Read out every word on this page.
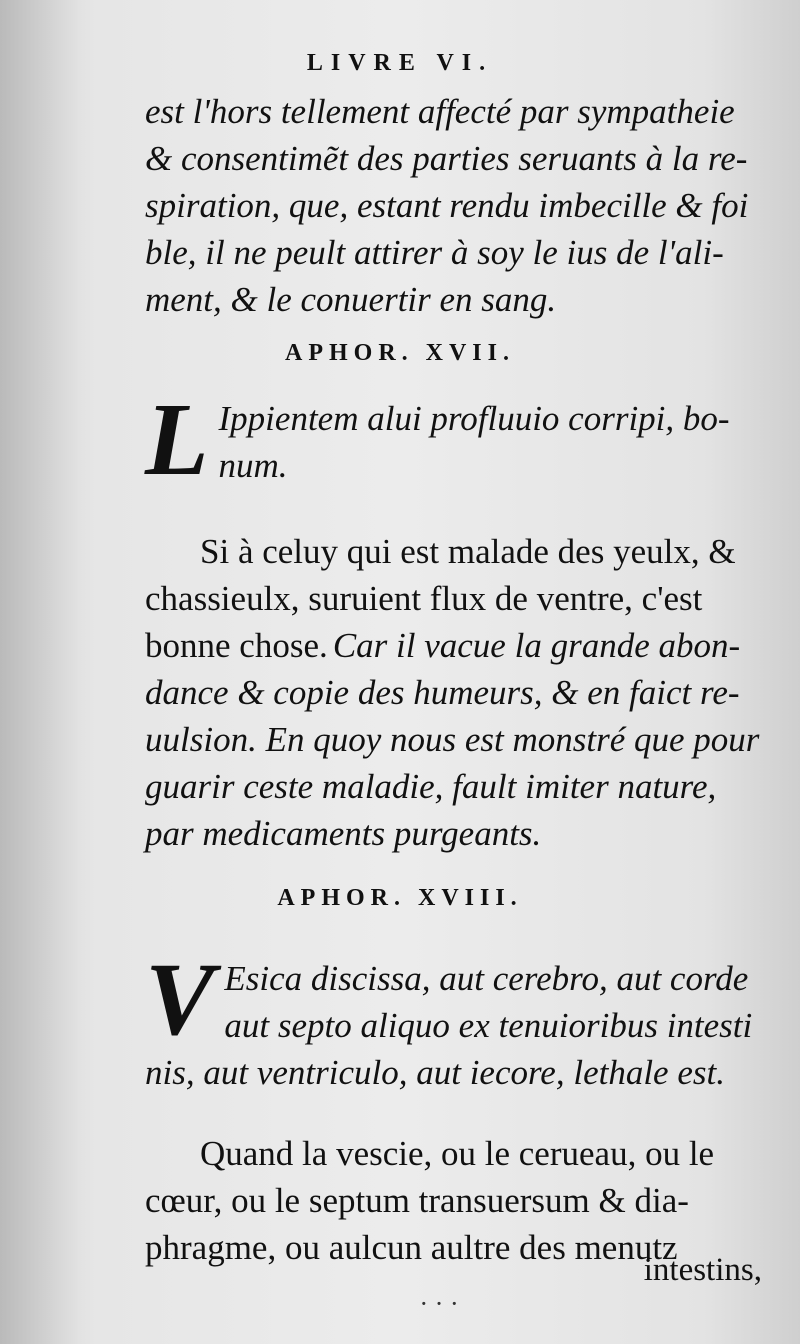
LIVRE VI.
est l'hors tellement affecté par sympatheie
& consentimẽt des parties seruants à la re-
spiration, que, estant rendu imbecille & foi
ble, il ne peult attirer à soy le ius de l'ali-
ment, & le conuertir en sang.
APHOR. XVII.
L Ippientem alui profluuio corripi, bo-
num.
Si à celuy qui est malade des yeulx, &
chassieulx, suruient flux de ventre, c'est
bonne chose. Car il vacue la grande abon-
dance & copie des humeurs, & en faict re-
uulsion. En quoy nous est monstré que pour
guarir ceste maladie, fault imiter nature,
par medicaments purgeants.
APHOR. XVIII.
V Esica discissa, aut cerebro, aut corde
aut septo aliquo ex tenuioribus intesti
nis, aut ventriculo, aut iecore, lethale est.
Quand la vescie, ou le cerueau, ou le
cœur, ou le septum transuersum & dia-
phragme, ou aulcun aultre des menutz
intestins,
· · ·
